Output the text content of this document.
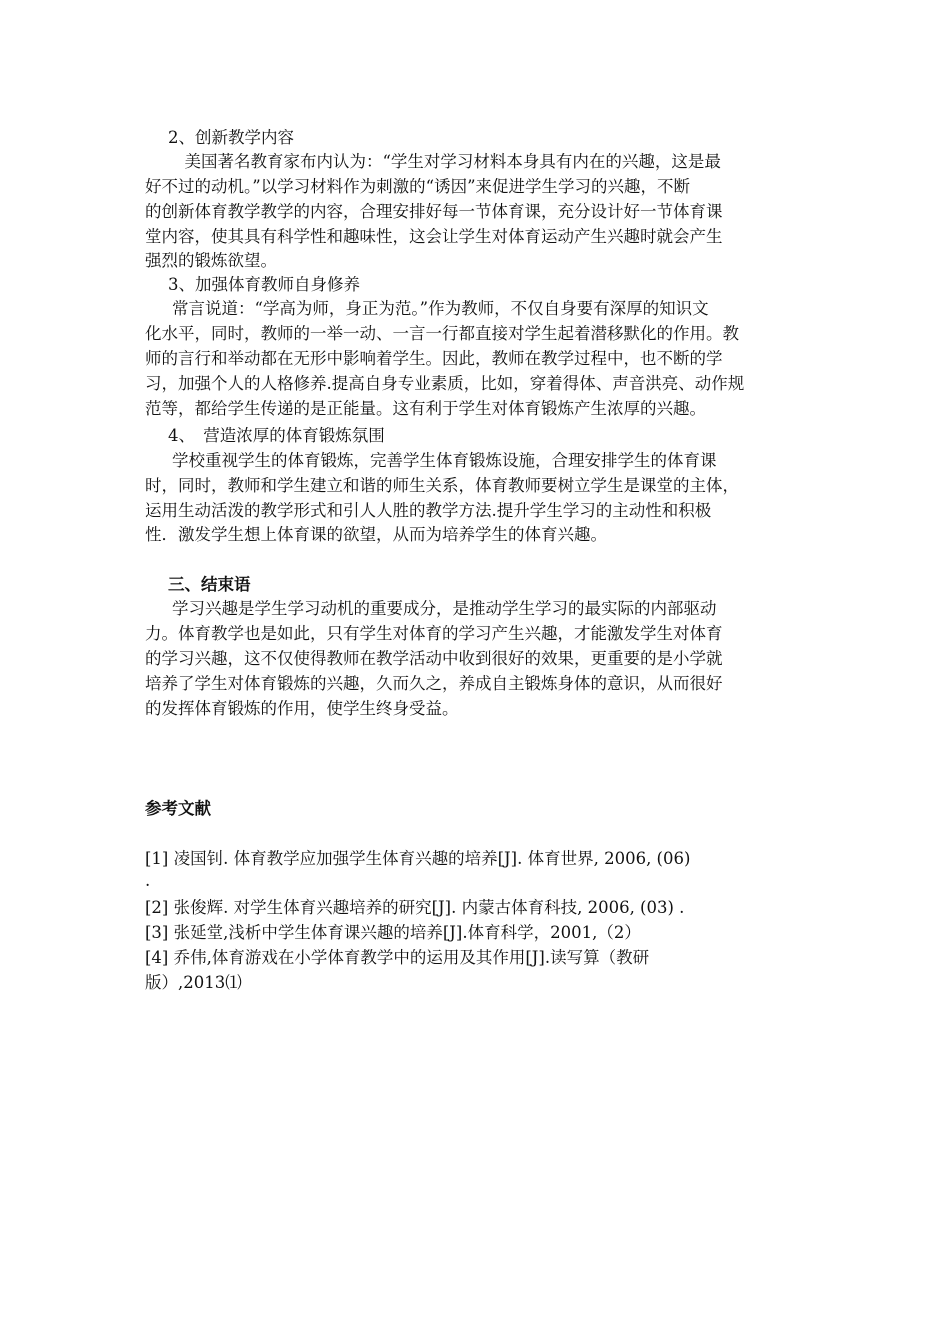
2、创新教学内容
　美国著名教育家布内认为：“学生对学习材料本身具有内在的兴趣，这是最
好不过的动机。”以学习材料作为刺激的“诱因”来促进学生学习的兴趣，不断
的创新体育教学教学的内容，合理安排好每一节体育课，充分设计好一节体育课
堂内容，使其具有科学性和趣味性，这会让学生对体育运动产生兴趣时就会产生
强烈的锻炼欲望。
3、加强体育教师自身修养
常言说道：“学高为师，身正为范。”作为教师，不仅自身要有深厚的知识文
化水平，同时，教师的一举一动、一言一行都直接对学生起着潜移默化的作用。教
师的言行和举动都在无形中影响着学生。因此，教师在教学过程中，也不断的学
习，加强个人的人格修养.提高自身专业素质，比如，穿着得体、声音洪亮、动作规
范等，都给学生传递的是正能量。这有利于学生对体育锻炼产生浓厚的兴趣。
4、　营造浓厚的体育锻炼氛围
学校重视学生的体育锻炼，完善学生体育锻炼设施，合理安排学生的体育课
时，同时，教师和学生建立和谐的师生关系，体育教师要树立学生是课堂的主体，
运用生动活泼的教学形式和引人人胜的教学方法.提升学生学习的主动性和积极
性．激发学生想上体育课的欲望，从而为培养学生的体育兴趣。
三、结束语
学习兴趣是学生学习动机的重要成分，是推动学生学习的最实际的内部驱动
力。体育教学也是如此，只有学生对体育的学习产生兴趣，才能激发学生对体育
的学习兴趣，这不仅使得教师在教学活动中收到很好的效果，更重要的是小学就
培养了学生对体育锻炼的兴趣，久而久之，养成自主锻炼身体的意识，从而很好
的发挥体育锻炼的作用，使学生终身受益。
参考文献
[1] 凌国钊. 体育教学应加强学生体育兴趣的培养[J]. 体育世界, 2006, (06)
.
[2] 张俊辉. 对学生体育兴趣培养的研究[J]. 内蒙古体育科技, 2006, (03) .
[3] 张延堂,浅析中学生体育课兴趣的培养[J].体育科学，2001,（2）
[4] 乔伟,体育游戏在小学体育教学中的运用及其作用[J].读写算（教研
版）,2013⑴
